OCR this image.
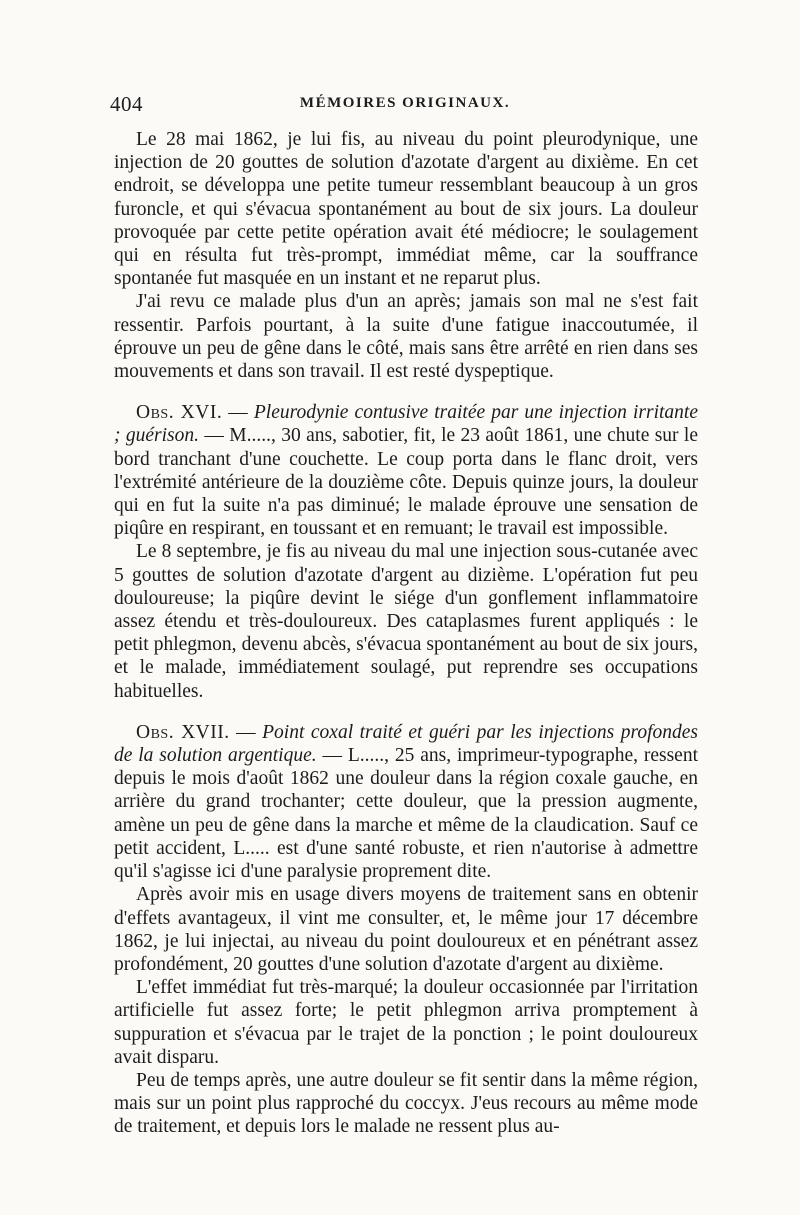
404	MÉMOIRES ORIGINAUX.

Le 28 mai 1862, je lui fis, au niveau du point pleurodynique, une injection de 20 gouttes de solution d'azotate d'argent au dixième. En cet endroit, se développa une petite tumeur ressemblant beaucoup à un gros furoncle, et qui s'évacua spontanément au bout de six jours. La douleur provoquée par cette petite opération avait été médiocre; le soulagement qui en résulta fut très-prompt, immédiat même, car la souffrance spontanée fut masquée en un instant et ne reparut plus.

J'ai revu ce malade plus d'un an après; jamais son mal ne s'est fait ressentir. Parfois pourtant, à la suite d'une fatigue inaccoutumée, il éprouve un peu de gêne dans le côté, mais sans être arrêté en rien dans ses mouvements et dans son travail. Il est resté dyspeptique.

Obs. XVI. — Pleurodynie contusive traitée par une injection irritante ; guérison. — M....., 30 ans, sabotier, fit, le 23 août 1861, une chute sur le bord tranchant d'une couchette. Le coup porta dans le flanc droit, vers l'extrémité antérieure de la douzième côte. Depuis quinze jours, la douleur qui en fut la suite n'a pas diminué; le malade éprouve une sensation de piqûre en respirant, en toussant et en remuant; le travail est impossible.

Le 8 septembre, je fis au niveau du mal une injection sous-cutanée avec 5 gouttes de solution d'azotate d'argent au dizième. L'opération fut peu douloureuse; la piqûre devint le siége d'un gonflement inflammatoire assez étendu et très-douloureux. Des cataplasmes furent appliqués : le petit phlegmon, devenu abcès, s'évacua spontanément au bout de six jours, et le malade, immédiatement soulagé, put reprendre ses occupations habituelles.

Obs. XVII. — Point coxal traité et guéri par les injections profondes de la solution argentique. — L....., 25 ans, imprimeur-typographe, ressent depuis le mois d'août 1862 une douleur dans la région coxale gauche, en arrière du grand trochanter; cette douleur, que la pression augmente, amène un peu de gêne dans la marche et même de la claudication. Sauf ce petit accident, L..... est d'une santé robuste, et rien n'autorise à admettre qu'il s'agisse ici d'une paralysie proprement dite.

Après avoir mis en usage divers moyens de traitement sans en obtenir d'effets avantageux, il vint me consulter, et, le même jour 17 décembre 1862, je lui injectai, au niveau du point douloureux et en pénétrant assez profondément, 20 gouttes d'une solution d'azotate d'argent au dixième.

L'effet immédiat fut très-marqué; la douleur occasionnée par l'irritation artificielle fut assez forte; le petit phlegmon arriva promptement à suppuration et s'évacua par le trajet de la ponction ; le point douloureux avait disparu.

Peu de temps après, une autre douleur se fit sentir dans la même région, mais sur un point plus rapproché du coccyx. J'eus recours au même mode de traitement, et depuis lors le malade ne ressent plus au-
